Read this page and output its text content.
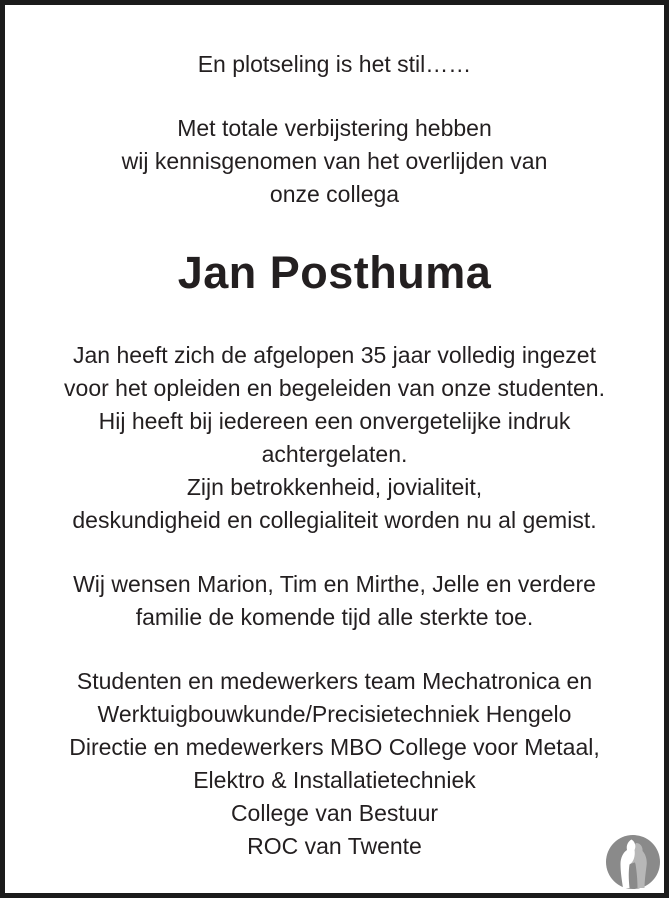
En plotseling is het stil……
Met totale verbijstering hebben
wij kennisgenomen van het overlijden van
onze collega
Jan Posthuma
Jan heeft zich de afgelopen 35 jaar volledig ingezet
voor het opleiden en begeleiden van onze studenten.
Hij heeft bij iedereen een onvergetelijke indruk
achtergelaten.
Zijn betrokkenheid, jovialiteit,
deskundigheid en collegialiteit worden nu al gemist.
Wij wensen Marion, Tim en Mirthe, Jelle en verdere
familie de komende tijd alle sterkte toe.
Studenten en medewerkers team Mechatronica en
Werktuigbouwkunde/Precisietechniek Hengelo
Directie en medewerkers MBO College voor Metaal,
Elektro & Installatietechniek
College van Bestuur
ROC van Twente
